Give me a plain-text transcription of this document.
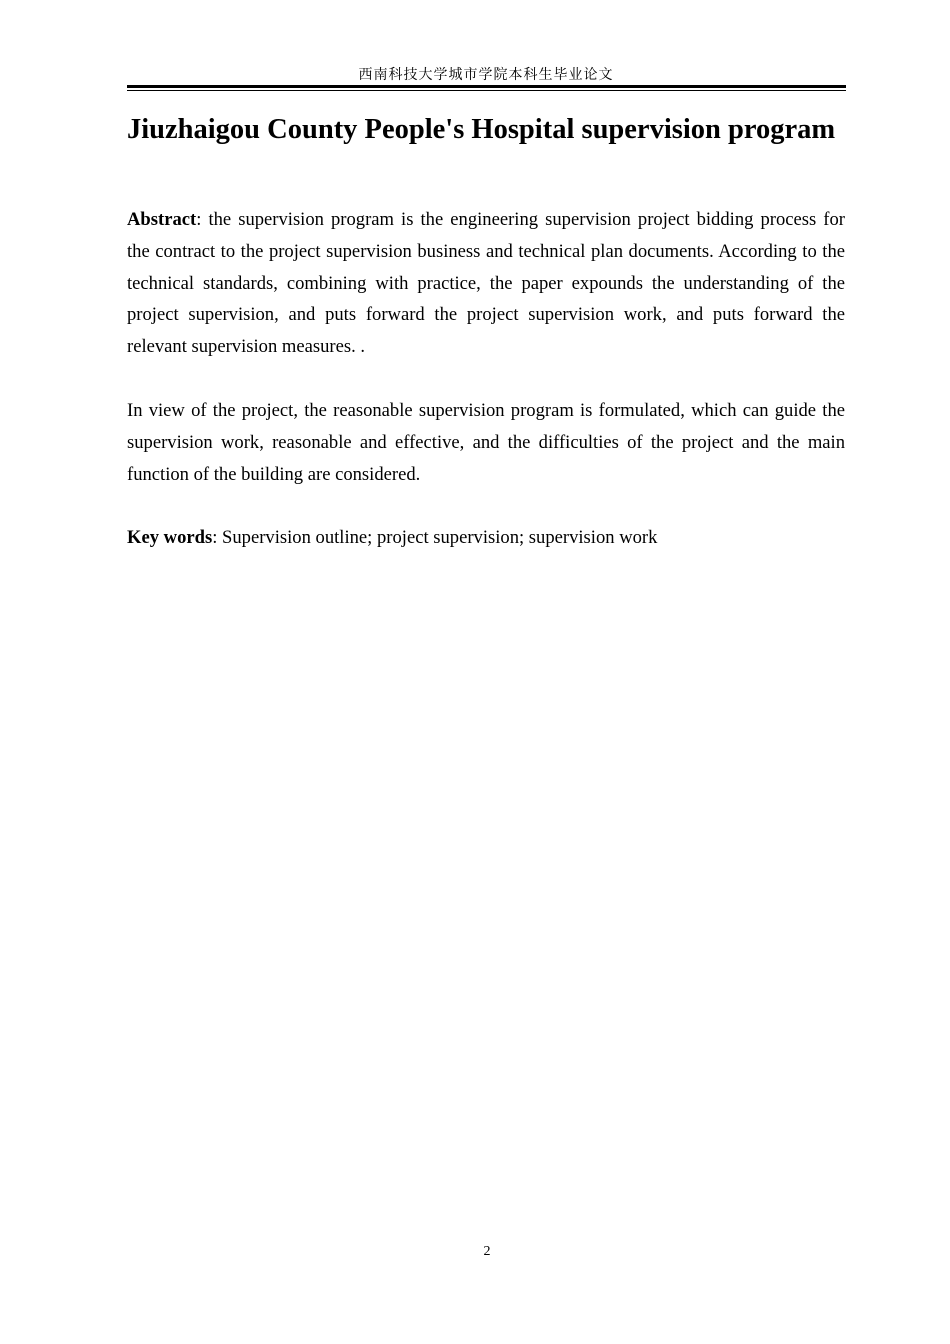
西南科技大学城市学院本科生毕业论文
Jiuzhaigou County People's Hospital supervision program

Abstract: the supervision program is the engineering supervision project bidding process for the contract to the project supervision business and technical plan documents. According to the technical standards, combining with practice, the paper expounds the understanding of the project supervision, and puts forward the project supervision work, and puts forward the relevant supervision measures. .

In view of the project, the reasonable supervision program is formulated, which can guide the supervision work, reasonable and effective, and the difficulties of the project and the main function of the building are considered.

Key words: Supervision outline; project supervision; supervision work

2
